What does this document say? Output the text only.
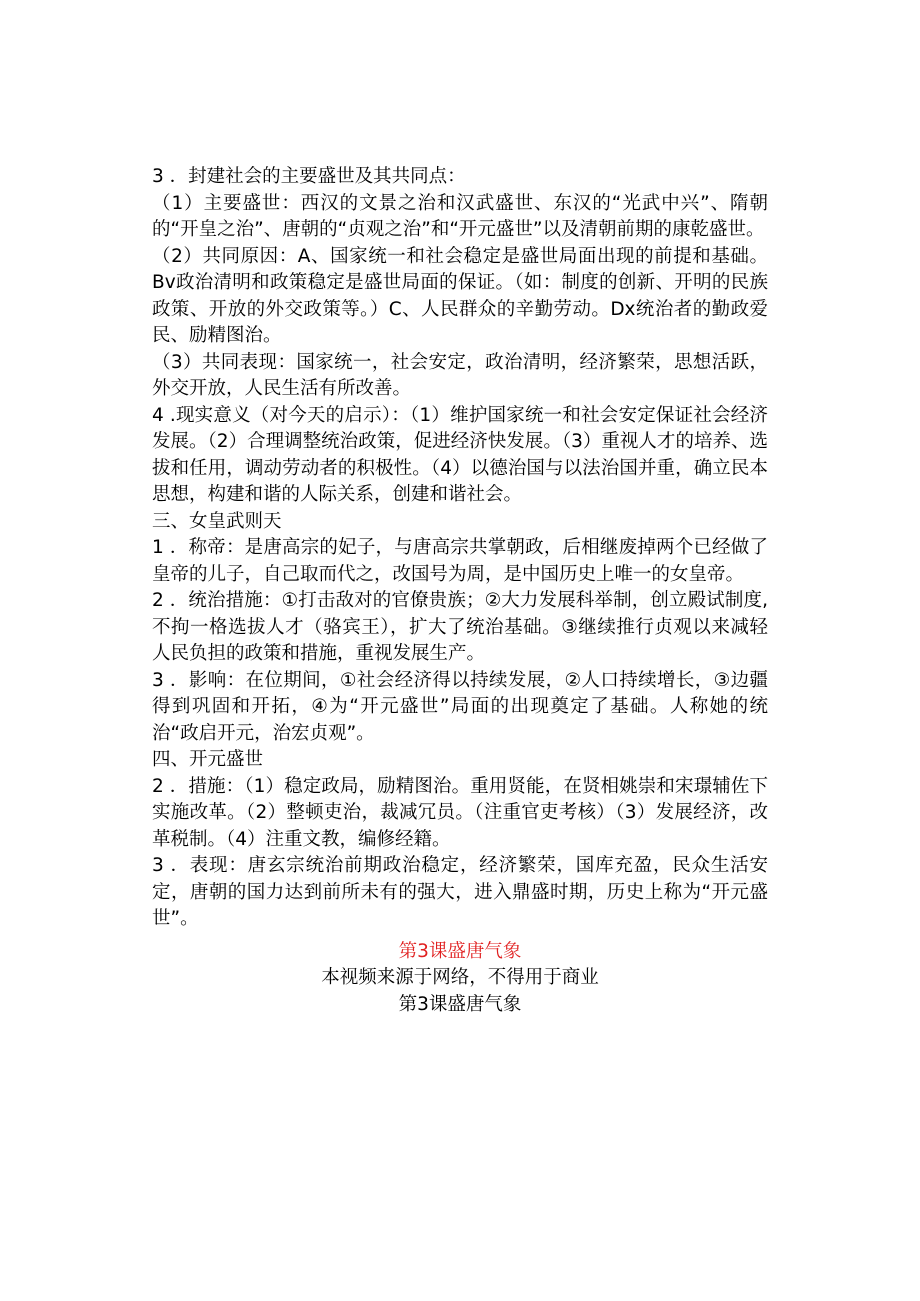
3 ．封建社会的主要盛世及其共同点：

（1）主要盛世：西汉的文景之治和汉武盛世、东汉的“光武中兴”、隋朝的“开皇之治”、唐朝的“贞观之治”和“开元盛世”以及清朝前期的康乾盛世。

（2）共同原因：A、国家统一和社会稳定是盛世局面出现的前提和基础。Bv政治清明和政策稳定是盛世局面的保证。（如：制度的创新、开明的民族政策、开放的外交政策等。）C、人民群众的辛勤劳动。Dx统治者的勤政爱民、励精图治。

（3）共同表现：国家统一，社会安定，政治清明，经济繁荣，思想活跃，外交开放，人民生活有所改善。

4 .现实意义（对今天的启示）：（1）维护国家统一和社会安定保证社会经济发展。（2）合理调整统治政策，促进经济快发展。（3）重视人才的培养、选拔和任用，调动劳动者的积极性。（4）以德治国与以法治国并重，确立民本思想，构建和谐的人际关系，创建和谐社会。

三、女皇武则天

1 ．称帝：是唐高宗的妃子，与唐高宗共掌朝政，后相继废掉两个已经做了皇帝的儿子，自己取而代之，改国号为周，是中国历史上唯一的女皇帝。

2 ．统治措施：①打击敌对的官僚贵族；②大力发展科举制，创立殿试制度,不拘一格选拔人才（骆宾王），扩大了统治基础。③继续推行贞观以来减轻人民负担的政策和措施，重视发展生产。

3 ．影响：在位期间，①社会经济得以持续发展，②人口持续增长，③边疆得到巩固和开拓，④为“开元盛世”局面的出现奠定了基础。人称她的统治“政启开元，治宏贞观”。

四、开元盛世

2 ．措施：（1）稳定政局，励精图治。重用贤能，在贤相姚崇和宋璟辅佐下实施改革。（2）整顿吏治，裁减冗员。（注重官吏考核）（3）发展经济，改革税制。（4）注重文教，编修经籍。

3 ．表现：唐玄宗统治前期政治稳定，经济繁荣，国库充盈，民众生活安定，唐朝的国力达到前所未有的强大，进入鼎盛时期，历史上称为“开元盛世”。

第3课盛唐气象

本视频来源于网络，不得用于商业

第3课盛唐气象
